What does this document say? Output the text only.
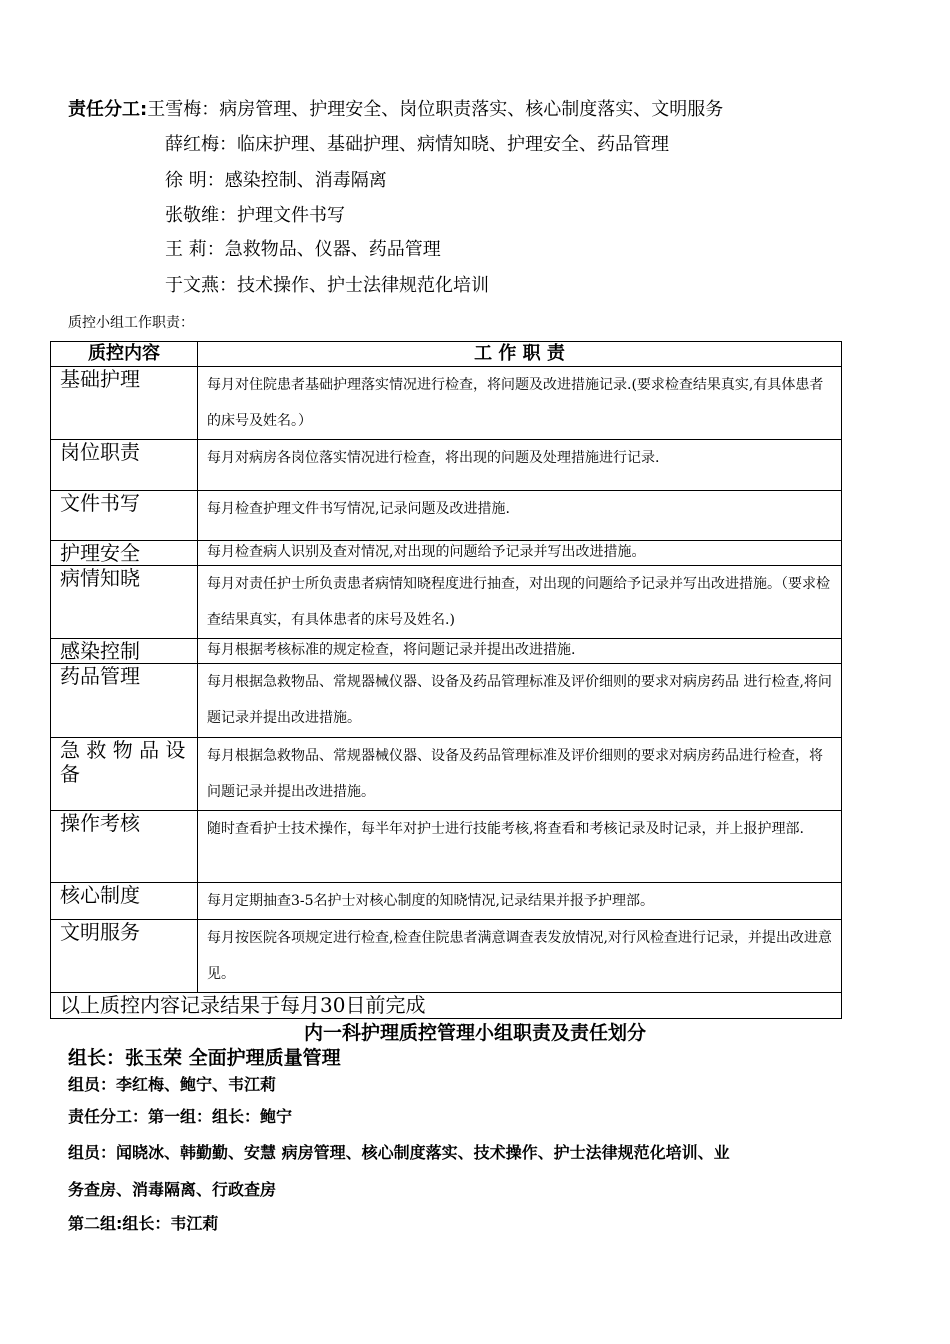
责任分工:王雪梅：病房管理、护理安全、岗位职责落实、核心制度落实、文明服务
薛红梅：临床护理、基础护理、病情知晓、护理安全、药品管理
徐 明：感染控制、消毒隔离
张敬维：护理文件书写
王 莉：急救物品、仪器、药品管理
于文燕：技术操作、护士法律规范化培训
质控小组工作职责：
质控内容	工 作 职 责
基础护理	每月对住院患者基础护理落实情况进行检查，将问题及改进措施记录.(要求检查结果真实,有具体患者的床号及姓名。）
岗位职责	每月对病房各岗位落实情况进行检查，将出现的问题及处理措施进行记录.
文件书写	每月检查护理文件书写情况,记录问题及改进措施.
护理安全	每月检查病人识别及查对情况,对出现的问题给予记录并写出改进措施。
病情知晓	每月对责任护士所负责患者病情知晓程度进行抽查，对出现的问题给予记录并写出改进措施。（要求检查结果真实，有具体患者的床号及姓名.)
感染控制	每月根据考核标准的规定检查，将问题记录并提出改进措施.
药品管理	每月根据急救物品、常规器械仪器、设备及药品管理标准及评价细则的要求对病房药品 进行检查,将问题记录并提出改进措施。
急 救 物 品 设 备	每月根据急救物品、常规器械仪器、设备及药品管理标准及评价细则的要求对病房药品进行检查，将问题记录并提出改进措施。
操作考核	随时查看护士技术操作，每半年对护士进行技能考核,将查看和考核记录及时记录，并上报护理部.
核心制度	每月定期抽查3-5名护士对核心制度的知晓情况,记录结果并报予护理部。
文明服务	每月按医院各项规定进行检查,检查住院患者满意调查表发放情况,对行风检查进行记录，并提出改进意见。
以上质控内容记录结果于每月30日前完成	
内一科护理质控管理小组职责及责任划分
组长：张玉荣 全面护理质量管理
组员：李红梅、鲍宁、韦江莉
责任分工：第一组：组长：鲍宁
组员：闻晓冰、韩勤勤、安慧 病房管理、核心制度落实、技术操作、护士法律规范化培训、业
务查房、消毒隔离、行政查房
第二组:组长：韦江莉
